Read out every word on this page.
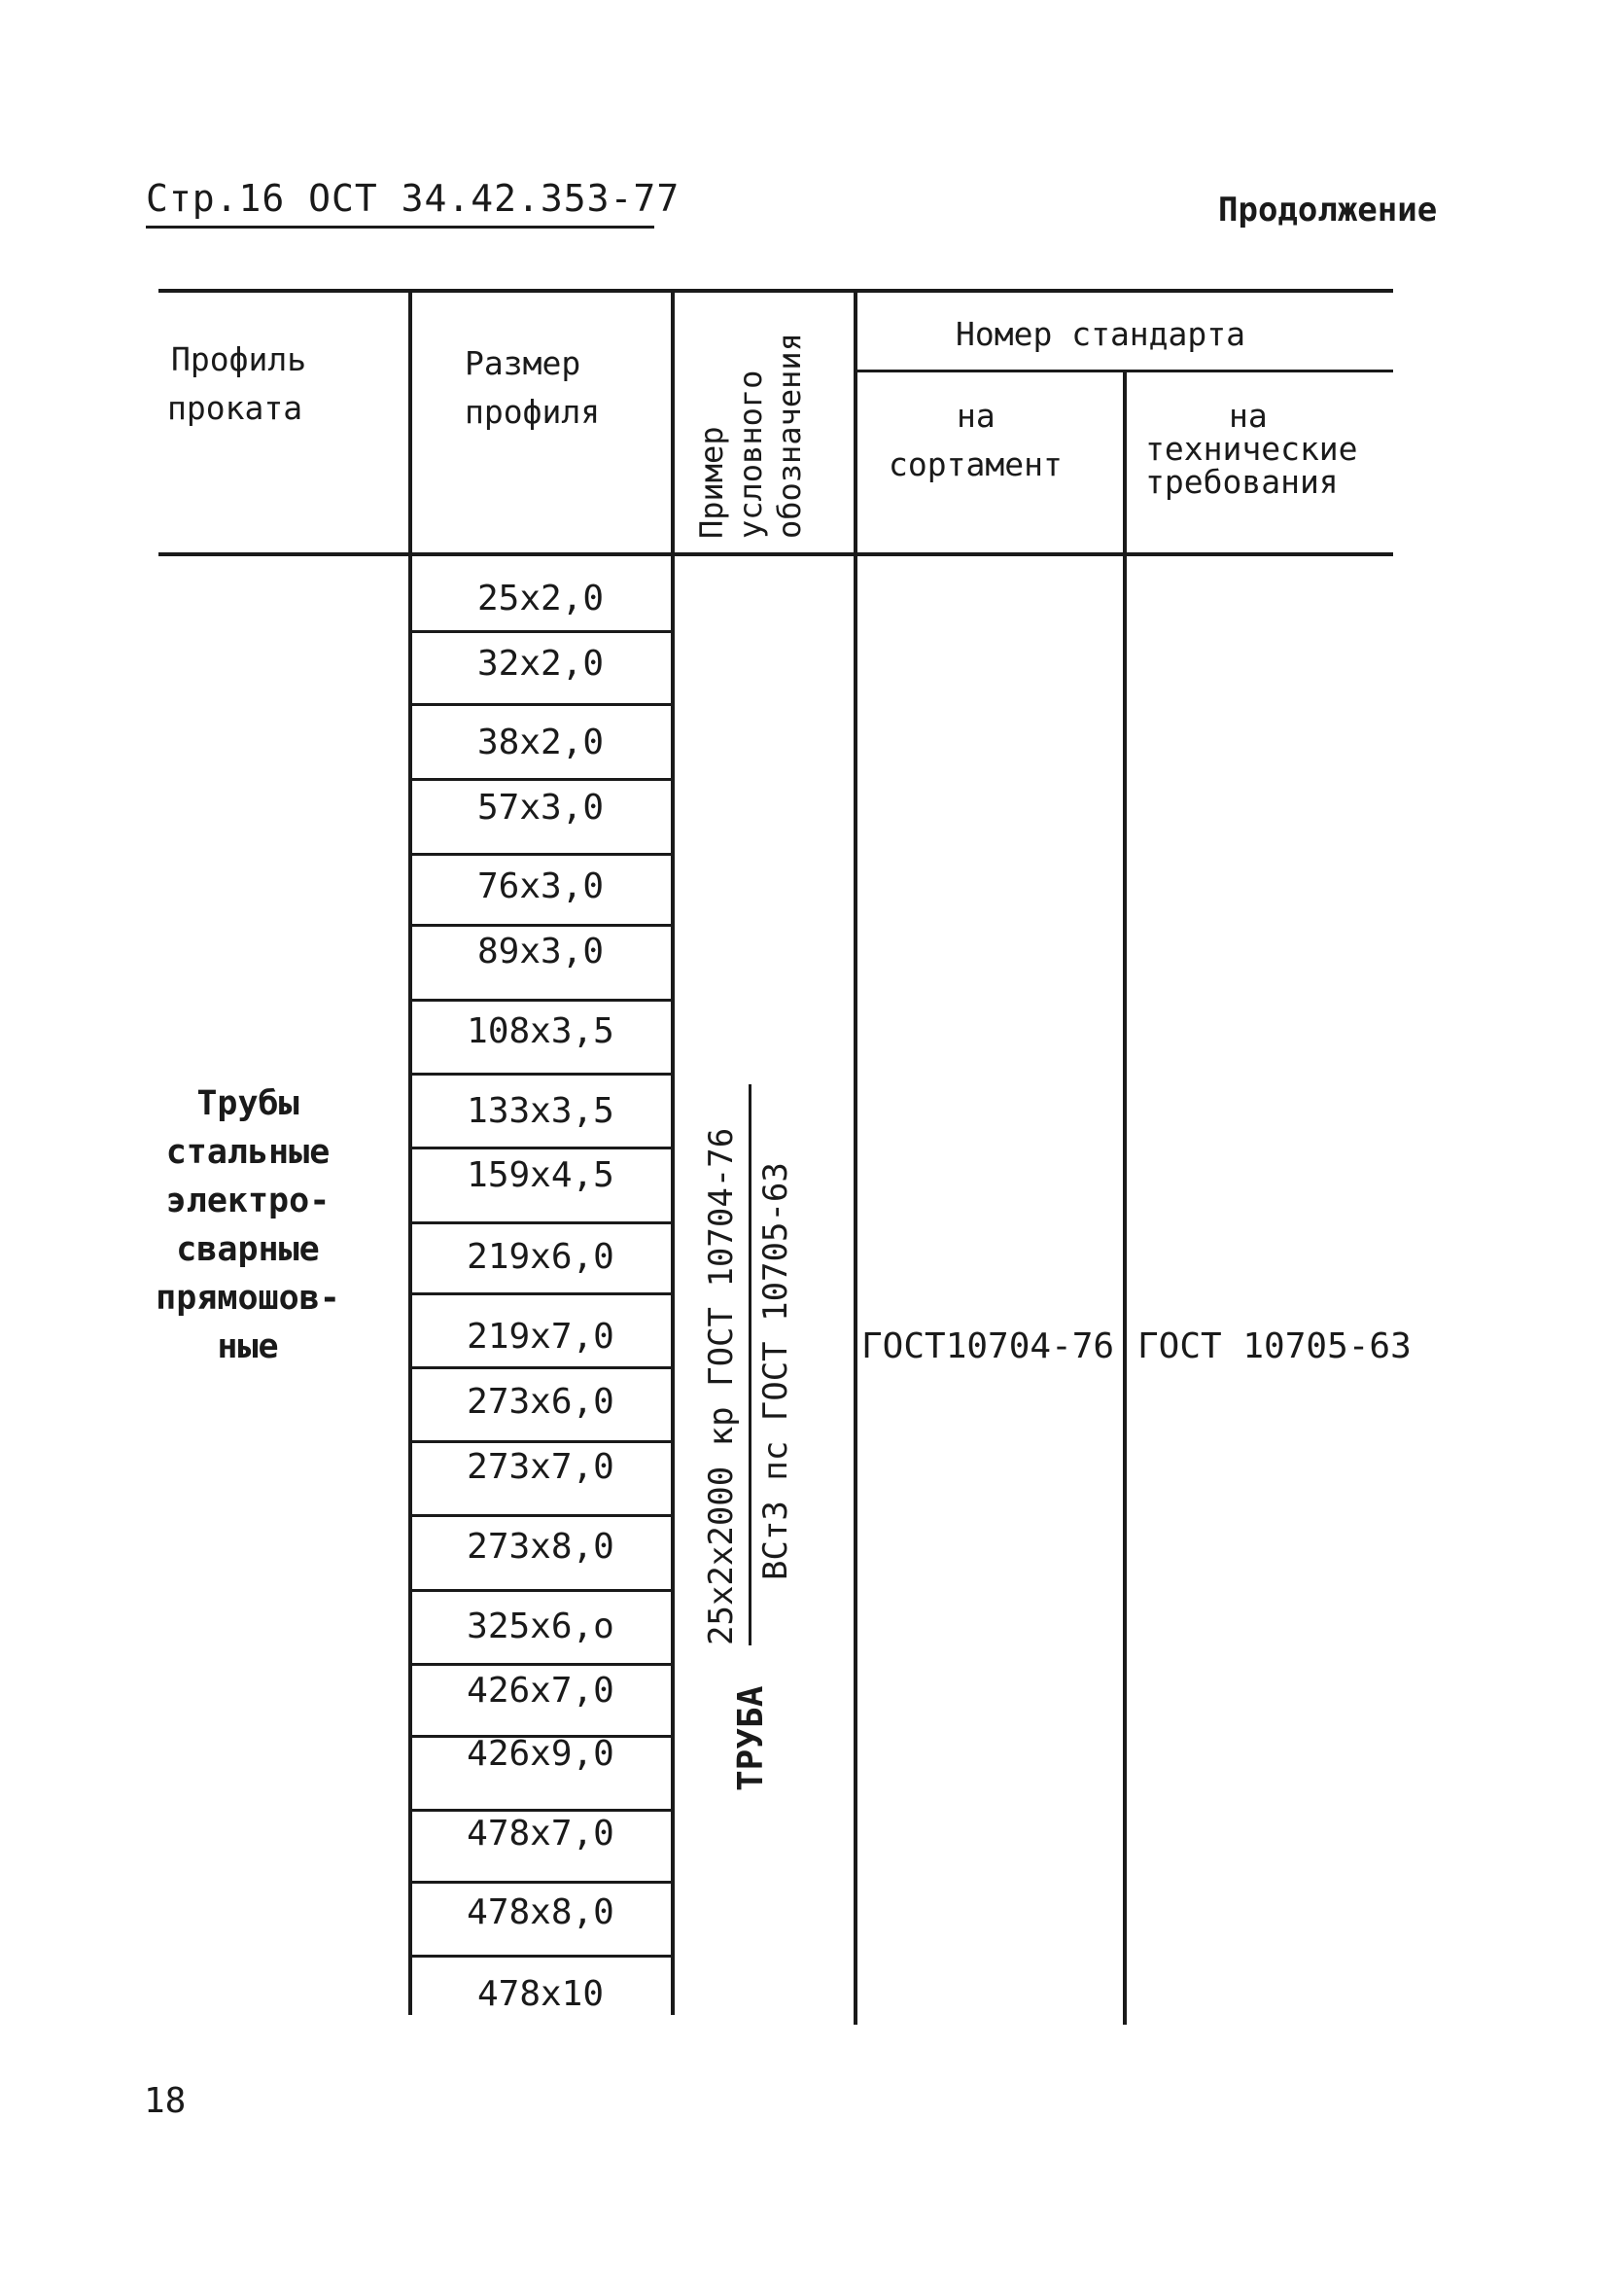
Стр.16 ОСТ 34.42.353-77	Продолжение
Профиль
проката
Размер
профиля
Пример условного обозначения	Номер стандарта
на
сортамент
на
технические
требования
Трубы
стальные
электро-
сварные
прямошов-
ные
25x2,0
32x2,0
38x2,0
57x3,0
76x3,0
89x3,0
108x3,5
133x3,5
159x4,5
219x6,0
219x7,0
273x6,0
273x7,0
273x8,0
325x6,о
426x7,0
426x9,0
478x7,0
478x8,0
478x10
ТРУБА
25x2x2000 кр ГОСТ 10704-76 ВСт3 пс ГОСТ 10705-63 ГОСТ10704-76 ГОСТ 10705-63
18
